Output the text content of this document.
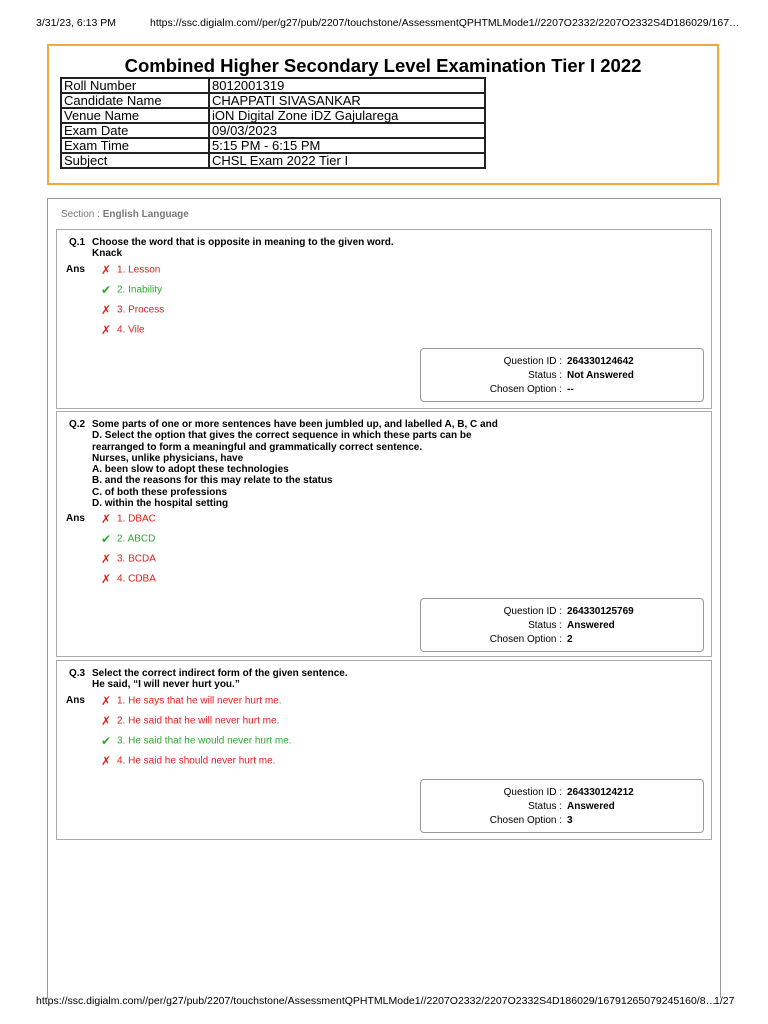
3/31/23, 6:13 PM	https://ssc.digialm.com//per/g27/pub/2207/touchstone/AssessmentQPHTMLMode1//2207O2332/2207O2332S4D186029/167…
Combined Higher Secondary Level Examination Tier I 2022
Roll Number	8012001319
Candidate Name	CHAPPATI SIVASANKAR
Venue Name	iON Digital Zone iDZ Gajularega
Exam Date	09/03/2023
Exam Time	5:15 PM - 6:15 PM
Subject	CHSL Exam 2022 Tier I
Section : English Language
Q.1 Choose the word that is opposite in meaning to the given word.
Knack
Ans ✗ 1. Lesson
✔ 2. Inability
✗ 3. Process
✗ 4. Vile
Question ID : 264330124642
Status : Not Answered
Chosen Option : --
Q.2 Some parts of one or more sentences have been jumbled up, and labelled A, B, C and
D. Select the option that gives the correct sequence in which these parts can be
rearranged to form a meaningful and grammatically correct sentence.
Nurses, unlike physicians, have
A. been slow to adopt these technologies
B. and the reasons for this may relate to the status
C. of both these professions
D. within the hospital setting
Ans ✗ 1. DBAC
✔ 2. ABCD
✗ 3. BCDA
✗ 4. CDBA
Question ID : 264330125769
Status : Answered
Chosen Option : 2
Q.3 Select the correct indirect form of the given sentence.
He said, “I will never hurt you.”
Ans ✗ 1. He says that he will never hurt me.
✗ 2. He said that he will never hurt me.
✔ 3. He said that he would never hurt me.
✗ 4. He said he should never hurt me.
Question ID : 264330124212
Status : Answered
Chosen Option : 3
https://ssc.digialm.com//per/g27/pub/2207/touchstone/AssessmentQPHTMLMode1//2207O2332/2207O2332S4D186029/16791265079245160/8…
1/27
